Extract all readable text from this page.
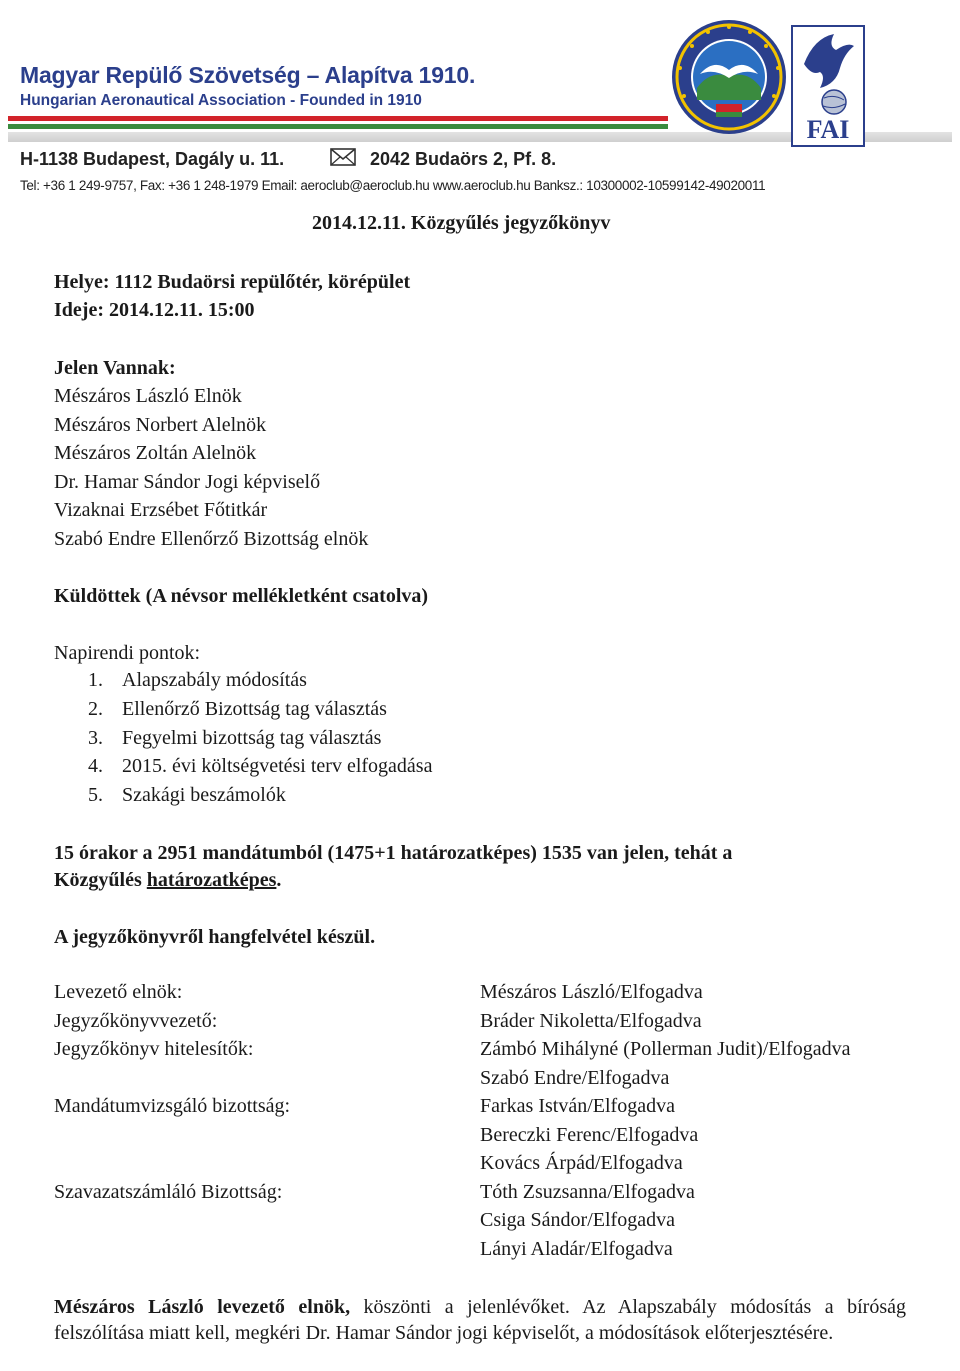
Magyar Repülő Szövetség – Alapítva 1910.
Hungarian Aeronautical Association - Founded in 1910
H-1138 Budapest, Dagály u. 11.	2042 Budaörs 2, Pf. 8.
Tel: +36 1 249-9757, Fax: +36 1 248-1979 Email: aeroclub@aeroclub.hu www.aeroclub.hu Banksz.: 10300002-10599142-49020011
FAI
2014.12.11. Közgyűlés jegyzőkönyv
Helye: 1112 Budaörsi repülőtér, körépület
Ideje: 2014.12.11. 15:00
Jelen Vannak:
Mészáros László Elnök
Mészáros Norbert Alelnök
Mészáros Zoltán Alelnök
Dr. Hamar Sándor Jogi képviselő
Vizaknai Erzsébet Főtitkár
Szabó Endre Ellenőrző Bizottság elnök
Küldöttek (A névsor mellékletként csatolva)
Napirendi pontok:
1. Alapszabály módosítás
2. Ellenőrző Bizottság tag választás
3. Fegyelmi bizottság tag választás
4. 2015. évi költségvetési terv elfogadása
5. Szakági beszámolók
15 órakor a 2951 mandátumból (1475+1 határozatképes) 1535 van jelen, tehát a
Közgyűlés határozatképes.
A jegyzőkönyvről hangfelvétel készül.
Levezető elnök:
Jegyzőkönyvvezető:
Jegyzőkönyv hitelesítők:
Mandátumvizsgáló bizottság:
Szavazatszámláló Bizottság:
Mészáros László/Elfogadva
Bráder Nikoletta/Elfogadva
Zámbó Mihályné (Pollerman Judit)/Elfogadva
Szabó Endre/Elfogadva
Farkas István/Elfogadva
Bereczki Ferenc/Elfogadva
Kovács Árpád/Elfogadva
Tóth Zsuzsanna/Elfogadva
Csiga Sándor/Elfogadva
Lányi Aladár/Elfogadva
Mészáros László levezető elnök, köszönti a jelenlévőket. Az Alapszabály módosítás a bíróság felszólítása miatt kell, megkéri Dr. Hamar Sándor jogi képviselőt, a módosítások előterjesztésére.
